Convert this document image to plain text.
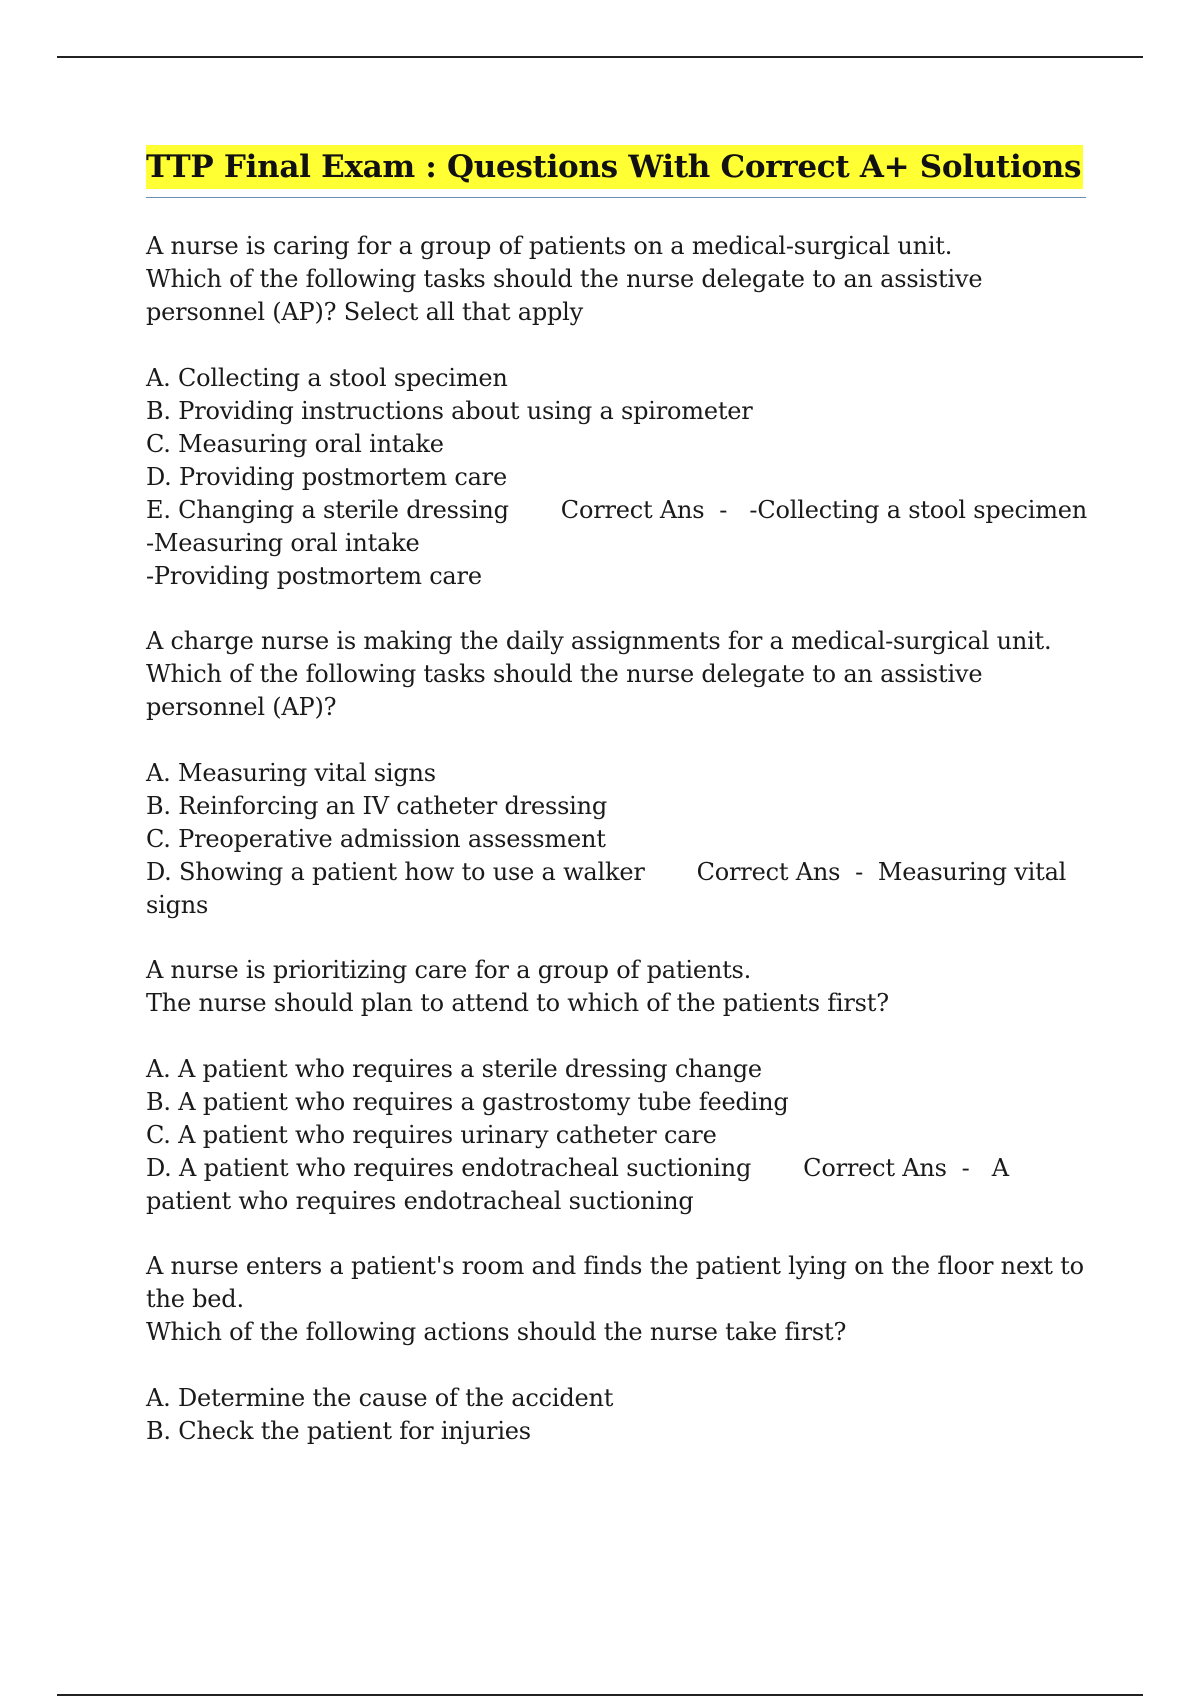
TTP Final Exam : Questions With Correct A+ Solutions
A nurse is caring for a group of patients on a medical-surgical unit.
Which of the following tasks should the nurse delegate to an assistive
personnel (AP)? Select all that apply
A. Collecting a stool specimen
B. Providing instructions about using a spirometer
C. Measuring oral intake
D. Providing postmortem care
E. Changing a sterile dressing Correct Ans  -   -Collecting a stool specimen
-Measuring oral intake
-Providing postmortem care
A charge nurse is making the daily assignments for a medical-surgical unit.
Which of the following tasks should the nurse delegate to an assistive
personnel (AP)?
A. Measuring vital signs
B. Reinforcing an IV catheter dressing
C. Preoperative admission assessment
D. Showing a patient how to use a walker Correct Ans  -  Measuring vital
signs
A nurse is prioritizing care for a group of patients.
The nurse should plan to attend to which of the patients first?
A. A patient who requires a sterile dressing change
B. A patient who requires a gastrostomy tube feeding
C. A patient who requires urinary catheter care
D. A patient who requires endotracheal suctioning Correct Ans  -   A
patient who requires endotracheal suctioning
A nurse enters a patient's room and finds the patient lying on the floor next to
the bed.
Which of the following actions should the nurse take first?
A. Determine the cause of the accident
B. Check the patient for injuries
